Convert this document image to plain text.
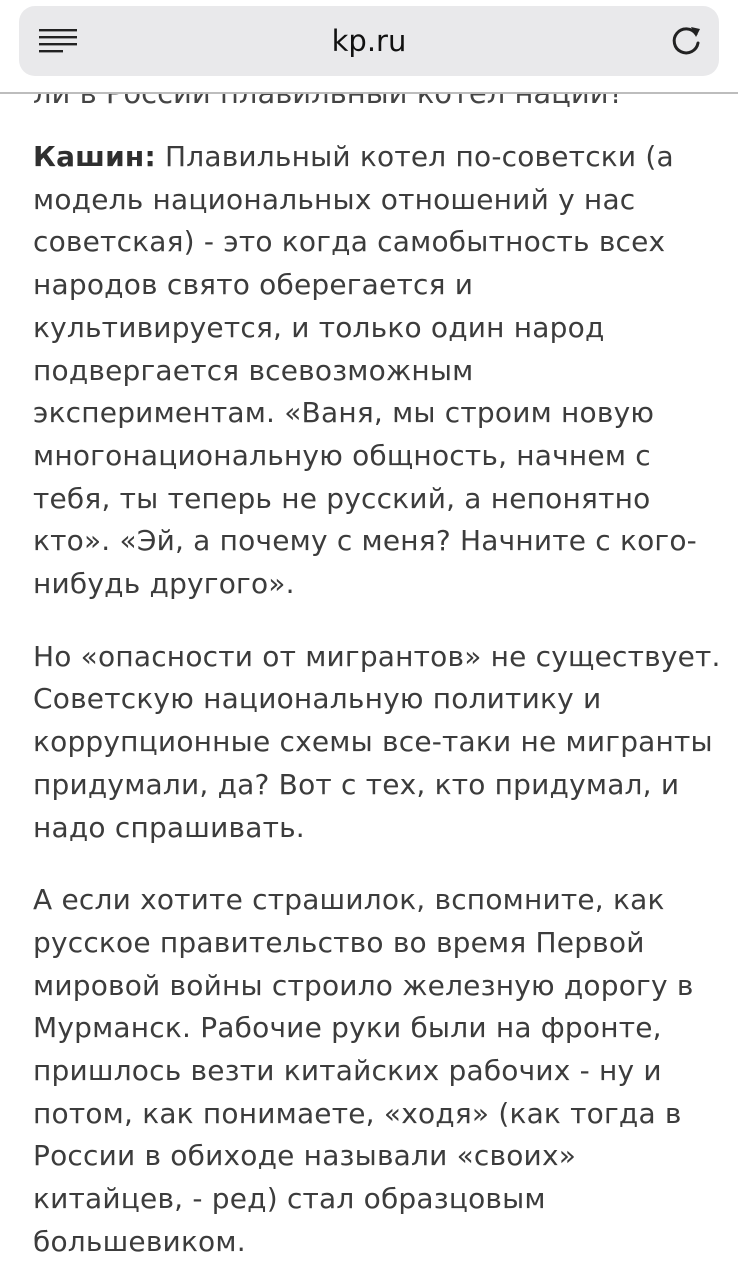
kp.ru

Кашин: Плавильный котел по-советски (а модель национальных отношений у нас советская) - это когда самобытность всех народов свято оберегается и культивируется, и только один народ подвергается всевозможным экспериментам. «Ваня, мы строим новую многонациональную общность, начнем с тебя, ты теперь не русский, а непонятно кто». «Эй, а почему с меня? Начните с кого-нибудь другого».

Но «опасности от мигрантов» не существует. Советскую национальную политику и коррупционные схемы все-таки не мигранты придумали, да? Вот с тех, кто придумал, и надо спрашивать.

А если хотите страшилок, вспомните, как русское правительство во время Первой мировой войны строило железную дорогу в Мурманск. Рабочие руки были на фронте, пришлось везти китайских рабочих - ну и потом, как понимаете, «ходя» (как тогда в России в обиходе называли «своих» китайцев, - ред) стал образцовым большевиком.
